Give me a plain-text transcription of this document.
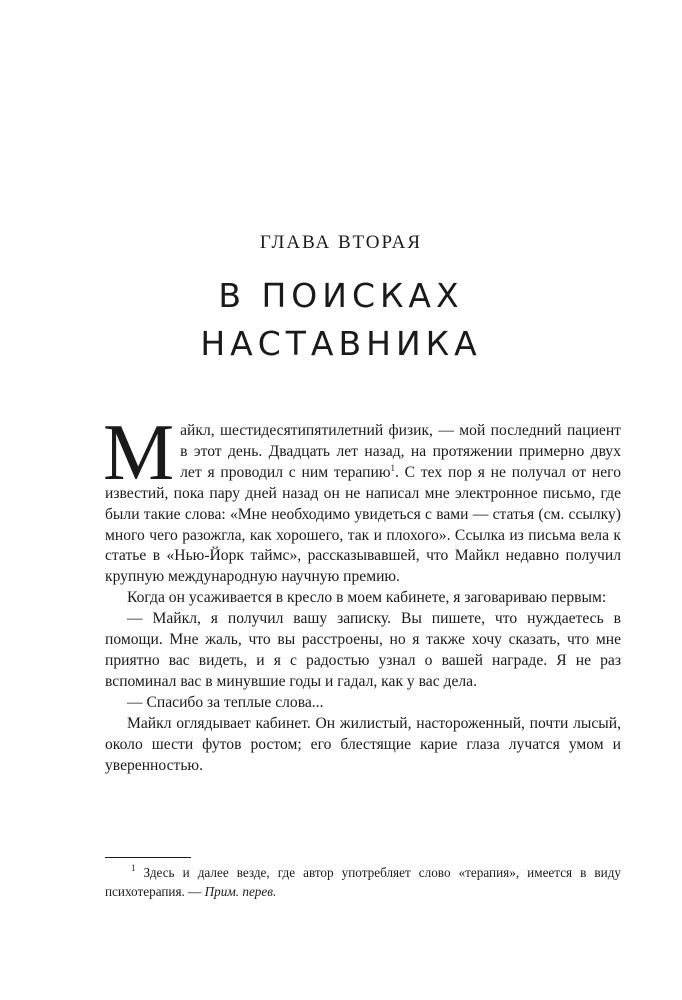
ГЛАВА ВТОРАЯ
В ПОИСКАХ
НАСТАВНИКА

Майкл, шестидесятипятилетний физик, — мой последний пациент в этот день. Двадцать лет назад, на протяжении примерно двух лет я проводил с ним терапию$^1$. С тех пор я не получал от него известий, пока пару дней назад он не написал мне электронное письмо, где были такие слова: «Мне необходимо увидеться с вами — статья (см. ссылку) много чего разожгла, как хорошего, так и плохого». Ссылка из письма вела к статье в «Нью-Йорк таймс», рассказывавшей, что Майкл недавно получил крупную международную научную премию.

Когда он усаживается в кресло в моем кабинете, я заговариваю первым:

— Майкл, я получил вашу записку. Вы пишете, что нуждаетесь в помощи. Мне жаль, что вы расстроены, но я также хочу сказать, что мне приятно вас видеть, и я с радостью узнал о вашей награде. Я не раз вспоминал вас в минувшие годы и гадал, как у вас дела.

— Спасибо за теплые слова...

Майкл оглядывает кабинет. Он жилистый, настороженный, почти лысый, около шести футов ростом; его блестящие карие глаза лучатся умом и уверенностью.

$^1$ Здесь и далее везде, где автор употребляет слово «терапия», имеется в виду психотерапия. — Прим. перев.
